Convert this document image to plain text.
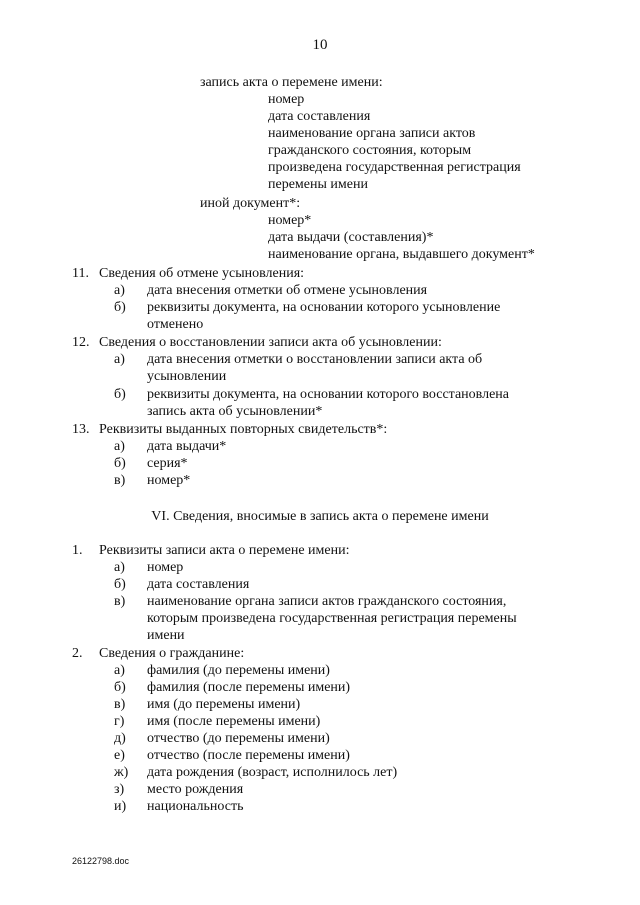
10
запись акта о перемене имени:
номер
дата составления
наименование органа записи актов
гражданского состояния, которым
произведена государственная регистрация
перемены имени
иной документ*:
номер*
дата выдачи (составления)*
наименование органа, выдавшего документ*
11. Сведения об отмене усыновления:
а) дата внесения отметки об отмене усыновления
б) реквизиты документа, на основании которого усыновление
отменено
12. Сведения о восстановлении записи акта об усыновлении:
а) дата внесения отметки о восстановлении записи акта об
усыновлении
б) реквизиты документа, на основании которого восстановлена
запись акта об усыновлении*
13. Реквизиты выданных повторных свидетельств*:
а) дата выдачи*
б) серия*
в) номер*
VI. Сведения, вносимые в запись акта о перемене имени
1. Реквизиты записи акта о перемене имени:
а) номер
б) дата составления
в) наименование органа записи актов гражданского состояния,
которым произведена государственная регистрация перемены
имени
2. Сведения о гражданине:
а) фамилия (до перемены имени)
б) фамилия (после перемены имени)
в) имя (до перемены имени)
г) имя (после перемены имени)
д) отчество (до перемены имени)
е) отчество (после перемены имени)
ж) дата рождения (возраст, исполнилось лет)
з) место рождения
и) национальность
26122798.doc
